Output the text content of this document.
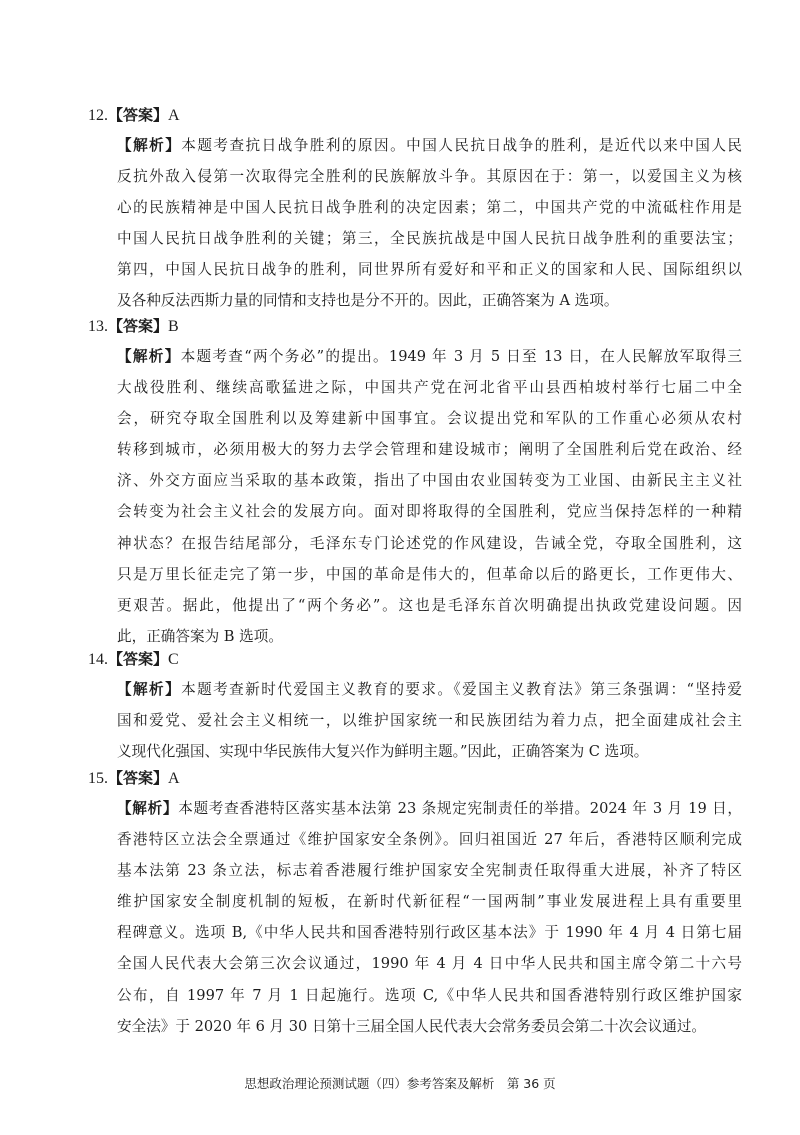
12.【答案】A
【解析】本题考查抗日战争胜利的原因。中国人民抗日战争的胜利，是近代以来中国人民
反抗外敌入侵第一次取得完全胜利的民族解放斗争。其原因在于：第一，以爱国主义为核
心的民族精神是中国人民抗日战争胜利的决定因素；第二，中国共产党的中流砥柱作用是
中国人民抗日战争胜利的关键；第三，全民族抗战是中国人民抗日战争胜利的重要法宝；
第四，中国人民抗日战争的胜利，同世界所有爱好和平和正义的国家和人民、国际组织以
及各种反法西斯力量的同情和支持也是分不开的。因此，正确答案为 A 选项。
13.【答案】B
【解析】本题考查“两个务必”的提出。1949 年 3 月 5 日至 13 日，在人民解放军取得三
大战役胜利、继续高歌猛进之际，中国共产党在河北省平山县西柏坡村举行七届二中全
会，研究夺取全国胜利以及筹建新中国事宜。会议提出党和军队的工作重心必须从农村
转移到城市，必须用极大的努力去学会管理和建设城市；阐明了全国胜利后党在政治、经
济、外交方面应当采取的基本政策，指出了中国由农业国转变为工业国、由新民主主义社
会转变为社会主义社会的发展方向。面对即将取得的全国胜利，党应当保持怎样的一种精
神状态？在报告结尾部分，毛泽东专门论述党的作风建设，告诫全党，夺取全国胜利，这
只是万里长征走完了第一步，中国的革命是伟大的，但革命以后的路更长，工作更伟大、
更艰苦。据此，他提出了“两个务必”。这也是毛泽东首次明确提出执政党建设问题。因
此，正确答案为 B 选项。
14.【答案】C
【解析】本题考查新时代爱国主义教育的要求。《爱国主义教育法》第三条强调：“坚持爱
国和爱党、爱社会主义相统一，以维护国家统一和民族团结为着力点，把全面建成社会主
义现代化强国、实现中华民族伟大复兴作为鲜明主题。”因此，正确答案为 C 选项。
15.【答案】A
【解析】本题考查香港特区落实基本法第 23 条规定宪制责任的举措。2024 年 3 月 19 日，
香港特区立法会全票通过《维护国家安全条例》。回归祖国近 27 年后，香港特区顺利完成
基本法第 23 条立法，标志着香港履行维护国家安全宪制责任取得重大进展，补齐了特区
维护国家安全制度机制的短板，在新时代新征程“一国两制”事业发展进程上具有重要里
程碑意义。选项 B,《中华人民共和国香港特别行政区基本法》于 1990 年 4 月 4 日第七届
全国人民代表大会第三次会议通过，1990 年 4 月 4 日中华人民共和国主席令第二十六号
公布，自 1997 年 7 月 1 日起施行。选项 C,《中华人民共和国香港特别行政区维护国家
安全法》于 2020 年 6 月 30 日第十三届全国人民代表大会常务委员会第二十次会议通过。
思想政治理论预测试题（四）参考答案及解析　第 36 页
